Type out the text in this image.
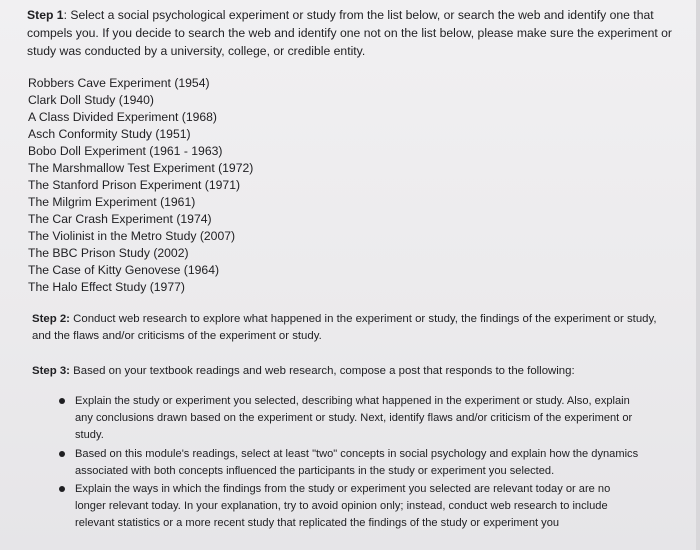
Step 1: Select a social psychological experiment or study from the list below, or search the web and identify one that compels you. If you decide to search the web and identify one not on the list below, please make sure the experiment or study was conducted by a university, college, or credible entity.
Robbers Cave Experiment (1954)
Clark Doll Study (1940)
A Class Divided Experiment (1968)
Asch Conformity Study (1951)
Bobo Doll Experiment (1961 - 1963)
The Marshmallow Test Experiment (1972)
The Stanford Prison Experiment (1971)
The Milgrim Experiment (1961)
The Car Crash Experiment (1974)
The Violinist in the Metro Study (2007)
The BBC Prison Study (2002)
The Case of Kitty Genovese (1964)
The Halo Effect Study (1977)
Step 2: Conduct web research to explore what happened in the experiment or study, the findings of the experiment or study, and the flaws and/or criticisms of the experiment or study.
Step 3: Based on your textbook readings and web research, compose a post that responds to the following:
Explain the study or experiment you selected, describing what happened in the experiment or study. Also, explain any conclusions drawn based on the experiment or study. Next, identify flaws and/or criticism of the experiment or study.
Based on this module's readings, select at least "two" concepts in social psychology and explain how the dynamics associated with both concepts influenced the participants in the study or experiment you selected.
Explain the ways in which the findings from the study or experiment you selected are relevant today or are no longer relevant today. In your explanation, try to avoid opinion only; instead, conduct web research to include relevant statistics or a more recent study that replicated the findings of the study or experiment you
